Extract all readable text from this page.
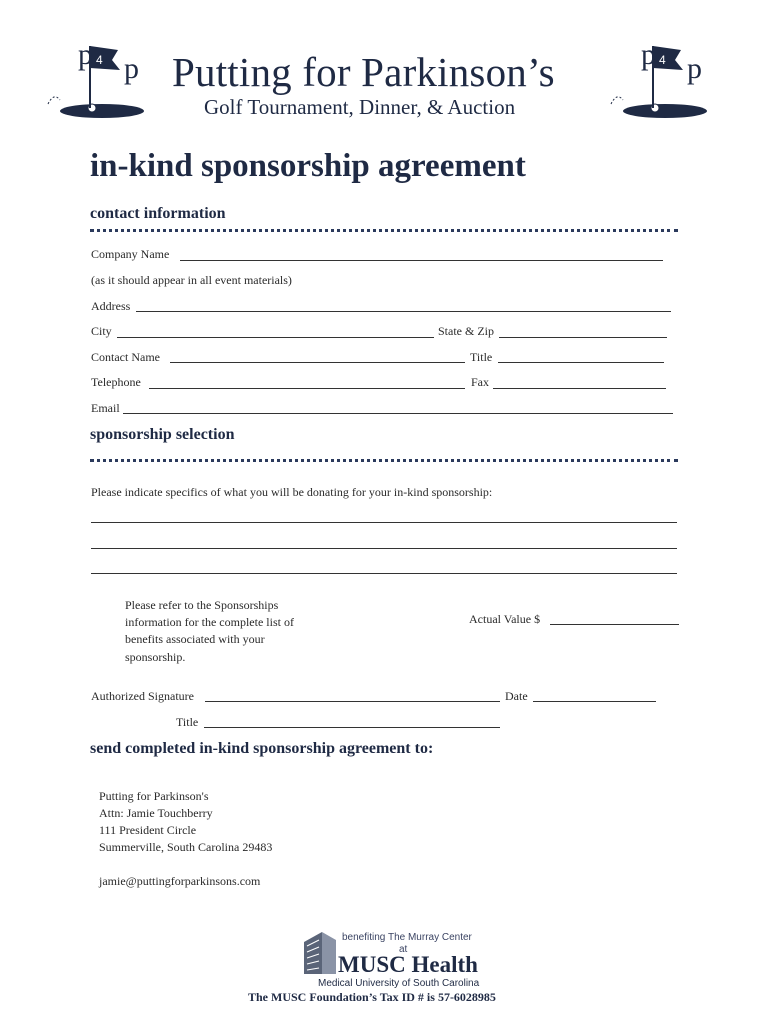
p 4 p	p 4 p
Putting for Parkinson’s
Golf Tournament, Dinner, & Auction
in-kind sponsorship agreement
contact information
Company Name
(as it should appear in all event materials)
Address
City	State & Zip
Contact Name	Title
Telephone	Fax
Email
sponsorship selection
Please indicate specifics of what you will be donating for your in-kind sponsorship:
Please refer to the Sponsorships
information for the complete list of
benefits associated with your
sponsorship.
Actual Value $
Authorized Signature	Date
Title
send completed in-kind sponsorship agreement to:
Putting for Parkinson's
Attn: Jamie Touchberry
111 President Circle
Summerville, South Carolina 29483
jamie@puttingforparkinsons.com
benefiting The Murray Center
at
MUSC Health
Medical University of South Carolina
The MUSC Foundation’s Tax ID # is 57-6028985
